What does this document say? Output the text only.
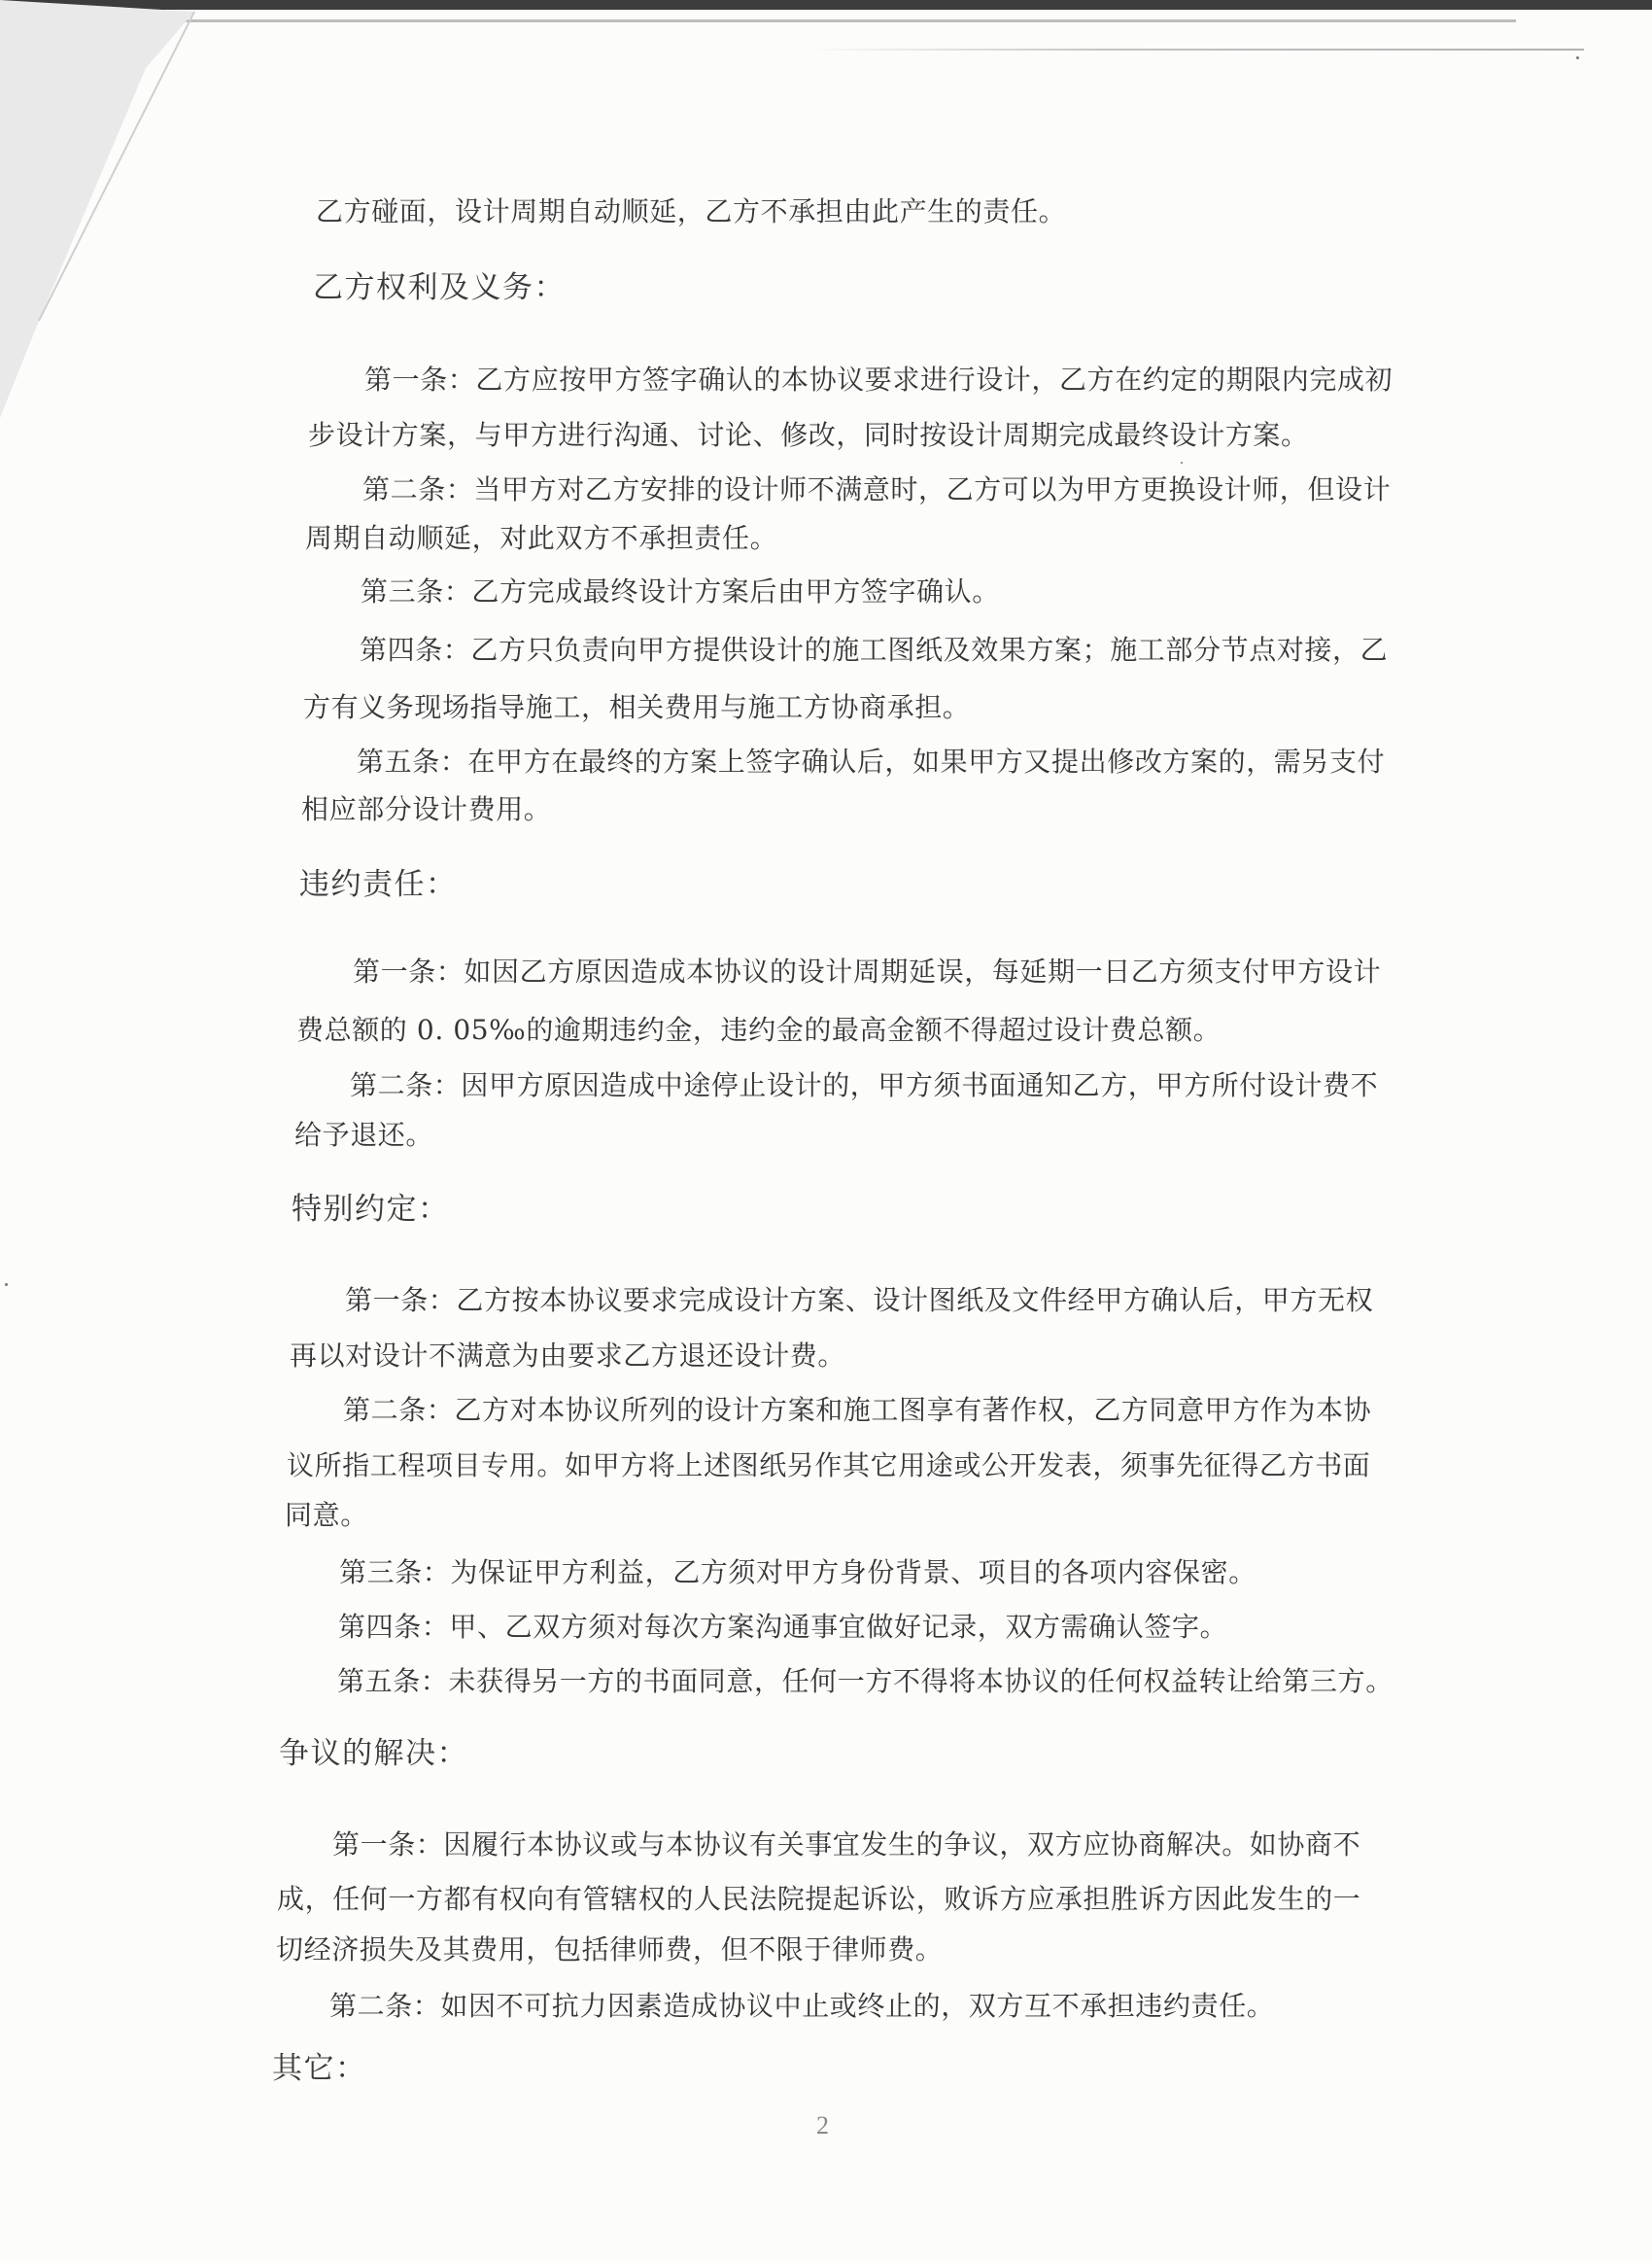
乙方碰面，设计周期自动顺延，乙方不承担由此产生的责任。
乙方权利及义务：
第一条：乙方应按甲方签字确认的本协议要求进行设计，乙方在约定的期限内完成初
步设计方案，与甲方进行沟通、讨论、修改，同时按设计周期完成最终设计方案。
第二条：当甲方对乙方安排的设计师不满意时，乙方可以为甲方更换设计师，但设计
周期自动顺延，对此双方不承担责任。
第三条：乙方完成最终设计方案后由甲方签字确认。
第四条：乙方只负责向甲方提供设计的施工图纸及效果方案；施工部分节点对接，乙
方有义务现场指导施工，相关费用与施工方协商承担。
第五条：在甲方在最终的方案上签字确认后，如果甲方又提出修改方案的，需另支付
相应部分设计费用。
违约责任：
第一条：如因乙方原因造成本协议的设计周期延误，每延期一日乙方须支付甲方设计
费总额的 0. 05‰的逾期违约金，违约金的最高金额不得超过设计费总额。
第二条：因甲方原因造成中途停止设计的，甲方须书面通知乙方，甲方所付设计费不
给予退还。
特别约定：
第一条：乙方按本协议要求完成设计方案、设计图纸及文件经甲方确认后，甲方无权
再以对设计不满意为由要求乙方退还设计费。
第二条：乙方对本协议所列的设计方案和施工图享有著作权，乙方同意甲方作为本协
议所指工程项目专用。如甲方将上述图纸另作其它用途或公开发表，须事先征得乙方书面
同意。
第三条：为保证甲方利益，乙方须对甲方身份背景、项目的各项内容保密。
第四条：甲、乙双方须对每次方案沟通事宜做好记录，双方需确认签字。
第五条：未获得另一方的书面同意，任何一方不得将本协议的任何权益转让给第三方。
争议的解决：
第一条：因履行本协议或与本协议有关事宜发生的争议，双方应协商解决。如协商不
成，任何一方都有权向有管辖权的人民法院提起诉讼，败诉方应承担胜诉方因此发生的一
切经济损失及其费用，包括律师费，但不限于律师费。
第二条：如因不可抗力因素造成协议中止或终止的，双方互不承担违约责任。
其它：
2
